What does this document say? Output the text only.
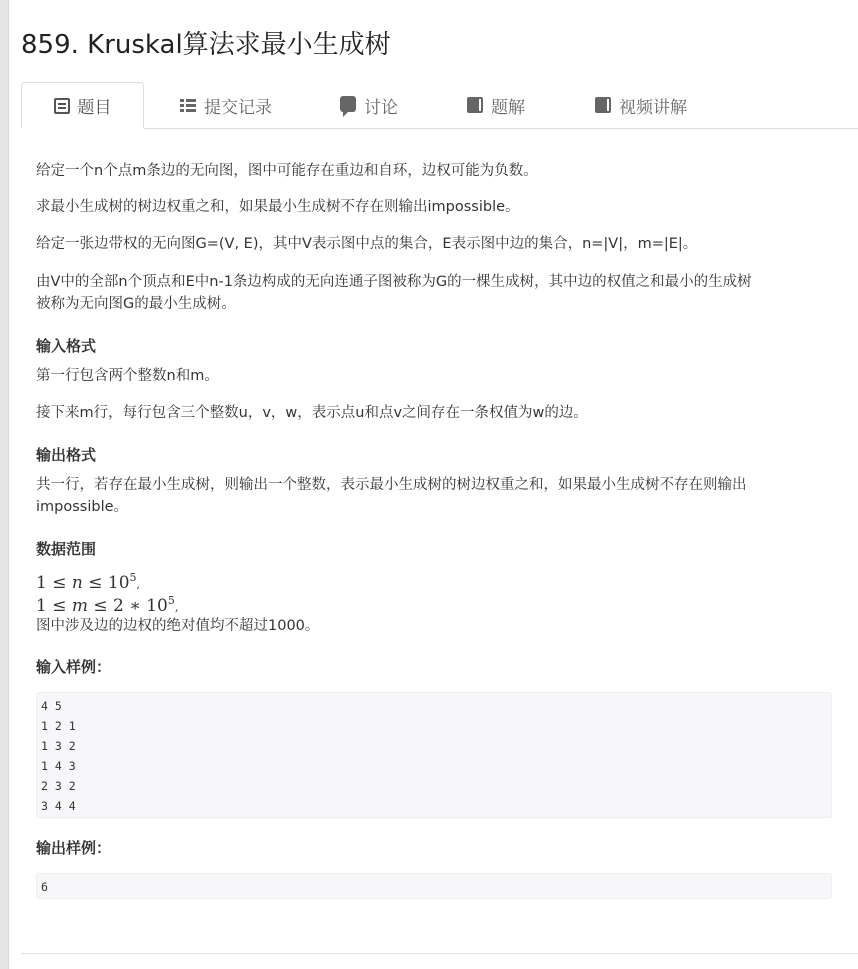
859. Kruskal算法求最小生成树
题目	提交记录	讨论	题解	视频讲解

给定一个n个点m条边的无向图，图中可能存在重边和自环，边权可能为负数。

求最小生成树的树边权重之和，如果最小生成树不存在则输出impossible。

给定一张边带权的无向图G=(V, E)，其中V表示图中点的集合，E表示图中边的集合，n=|V|，m=|E|。

由V中的全部n个顶点和E中n-1条边构成的无向连通子图被称为G的一棵生成树，其中边的权值之和最小的生成树

被称为无向图G的最小生成树。

输入格式

第一行包含两个整数n和m。

接下来m行，每行包含三个整数u，v，w，表示点u和点v之间存在一条权值为w的边。

输出格式

共一行，若存在最小生成树，则输出一个整数，表示最小生成树的树边权重之和，如果最小生成树不存在则输出

impossible。

数据范围

$1 \le n \le 10^5$,

1 ≤ m ≤ 2 ∗ $10^5$,

图中涉及边的边权的绝对值均不超过1000。

输入样例：

输出样例：

4 5
1 2 1
1 3 2
1 4 3
2 3 2
3 4 4
6
